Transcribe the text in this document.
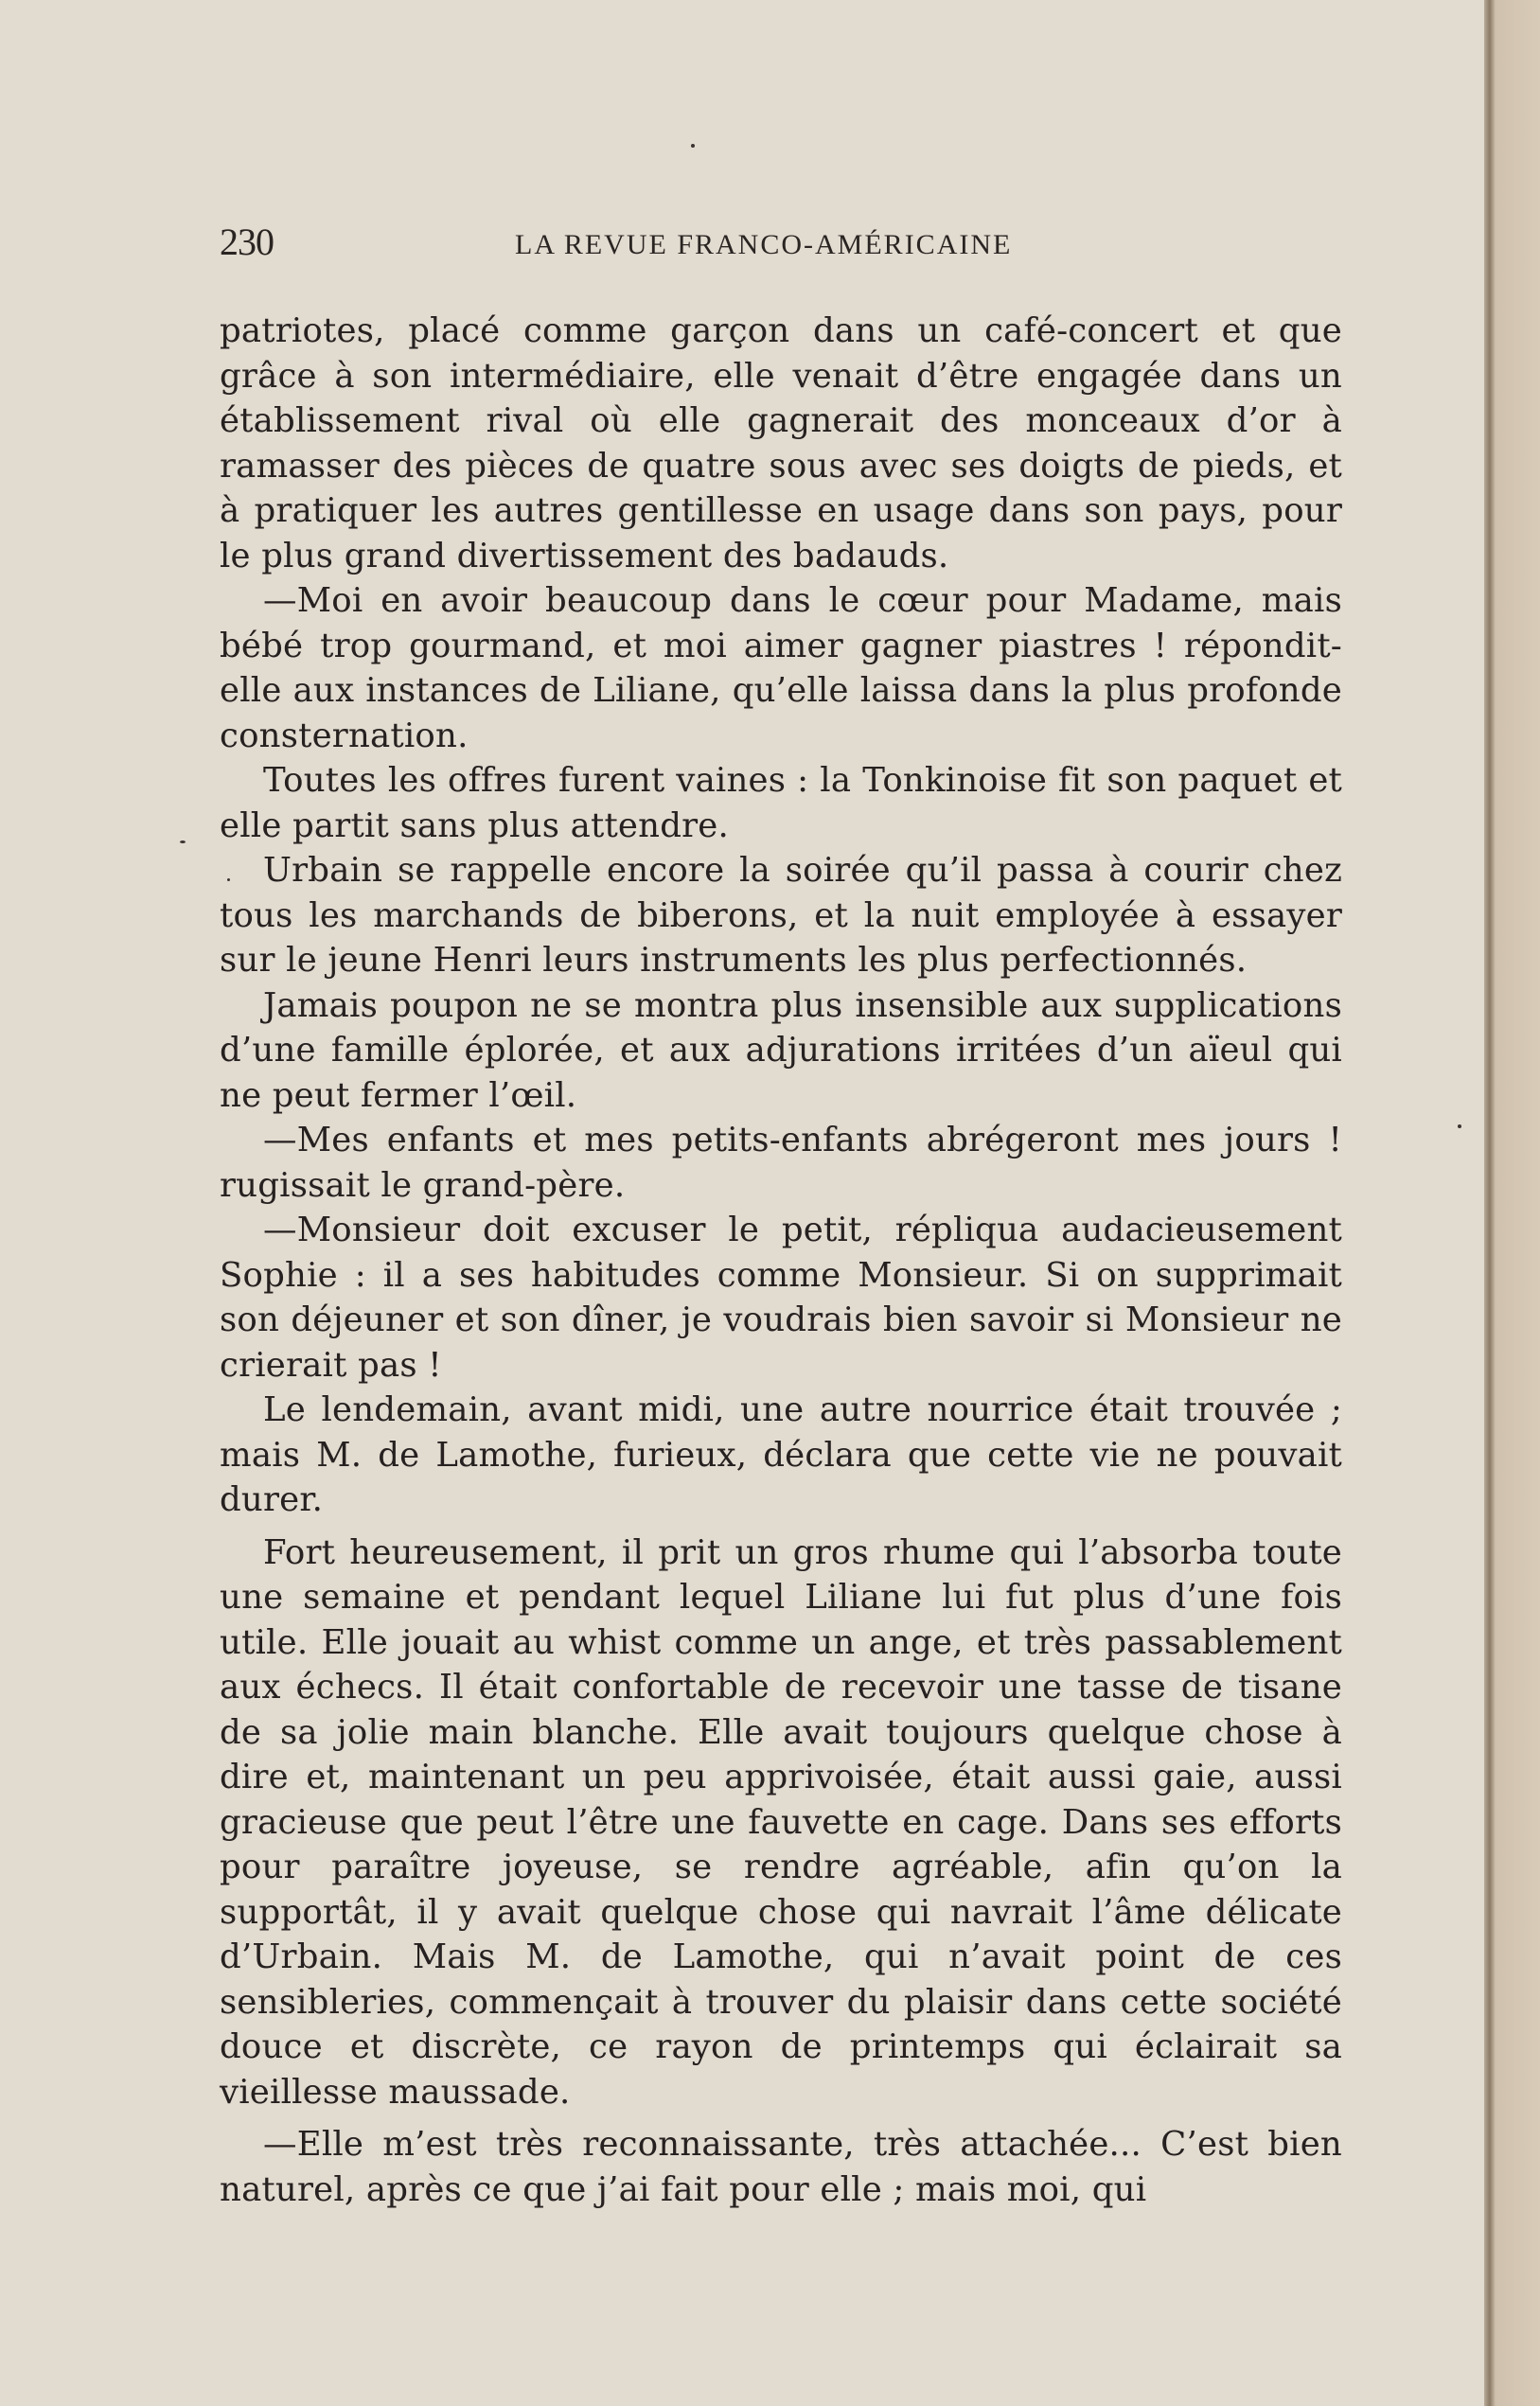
230	LA REVUE FRANCO-AMÉRICAINE

patriotes, placé comme garçon dans un café-concert et que grâce à son intermédiaire, elle venait d’être engagée dans un établissement rival où elle gagnerait des monceaux d’or à ramasser des pièces de quatre sous avec ses doigts de pieds, et à pratiquer les autres gentillesse en usage dans son pays, pour le plus grand divertissement des badauds.

—Moi en avoir beaucoup dans le cœur pour Madame, mais bébé trop gourmand, et moi aimer gagner piastres ! répondit-elle aux instances de Liliane, qu’elle laissa dans la plus profonde consternation.

Toutes les offres furent vaines : la Tonkinoise fit son paquet et elle partit sans plus attendre.

Urbain se rappelle encore la soirée qu’il passa à courir chez tous les marchands de biberons, et la nuit employée à essayer sur le jeune Henri leurs instruments les plus perfectionnés.

Jamais poupon ne se montra plus insensible aux supplications d’une famille éplorée, et aux adjurations irritées d’un aïeul qui ne peut fermer l’œil.

—Mes enfants et mes petits-enfants abrégeront mes jours ! rugissait le grand-père.

—Monsieur doit excuser le petit, répliqua audacieusement Sophie : il a ses habitudes comme Monsieur. Si on supprimait son déjeuner et son dîner, je voudrais bien savoir si Monsieur ne crierait pas !

Le lendemain, avant midi, une autre nourrice était trouvée ; mais M. de Lamothe, furieux, déclara que cette vie ne pouvait durer.

Fort heureusement, il prit un gros rhume qui l’absorba toute une semaine et pendant lequel Liliane lui fut plus d’une fois utile. Elle jouait au whist comme un ange, et très passablement aux échecs. Il était confortable de recevoir une tasse de tisane de sa jolie main blanche. Elle avait toujours quelque chose à dire et, maintenant un peu apprivoisée, était aussi gaie, aussi gracieuse que peut l’être une fauvette en cage. Dans ses efforts pour paraître joyeuse, se rendre agréable, afin qu’on la supportât, il y avait quelque chose qui navrait l’âme délicate d’Urbain. Mais M. de Lamothe, qui n’avait point de ces sensibleries, commençait à trouver du plaisir dans cette société douce et discrète, ce rayon de printemps qui éclairait sa vieillesse maussade.

—Elle m’est très reconnaissante, très attachée... C’est bien naturel, après ce que j’ai fait pour elle ; mais moi, qui
